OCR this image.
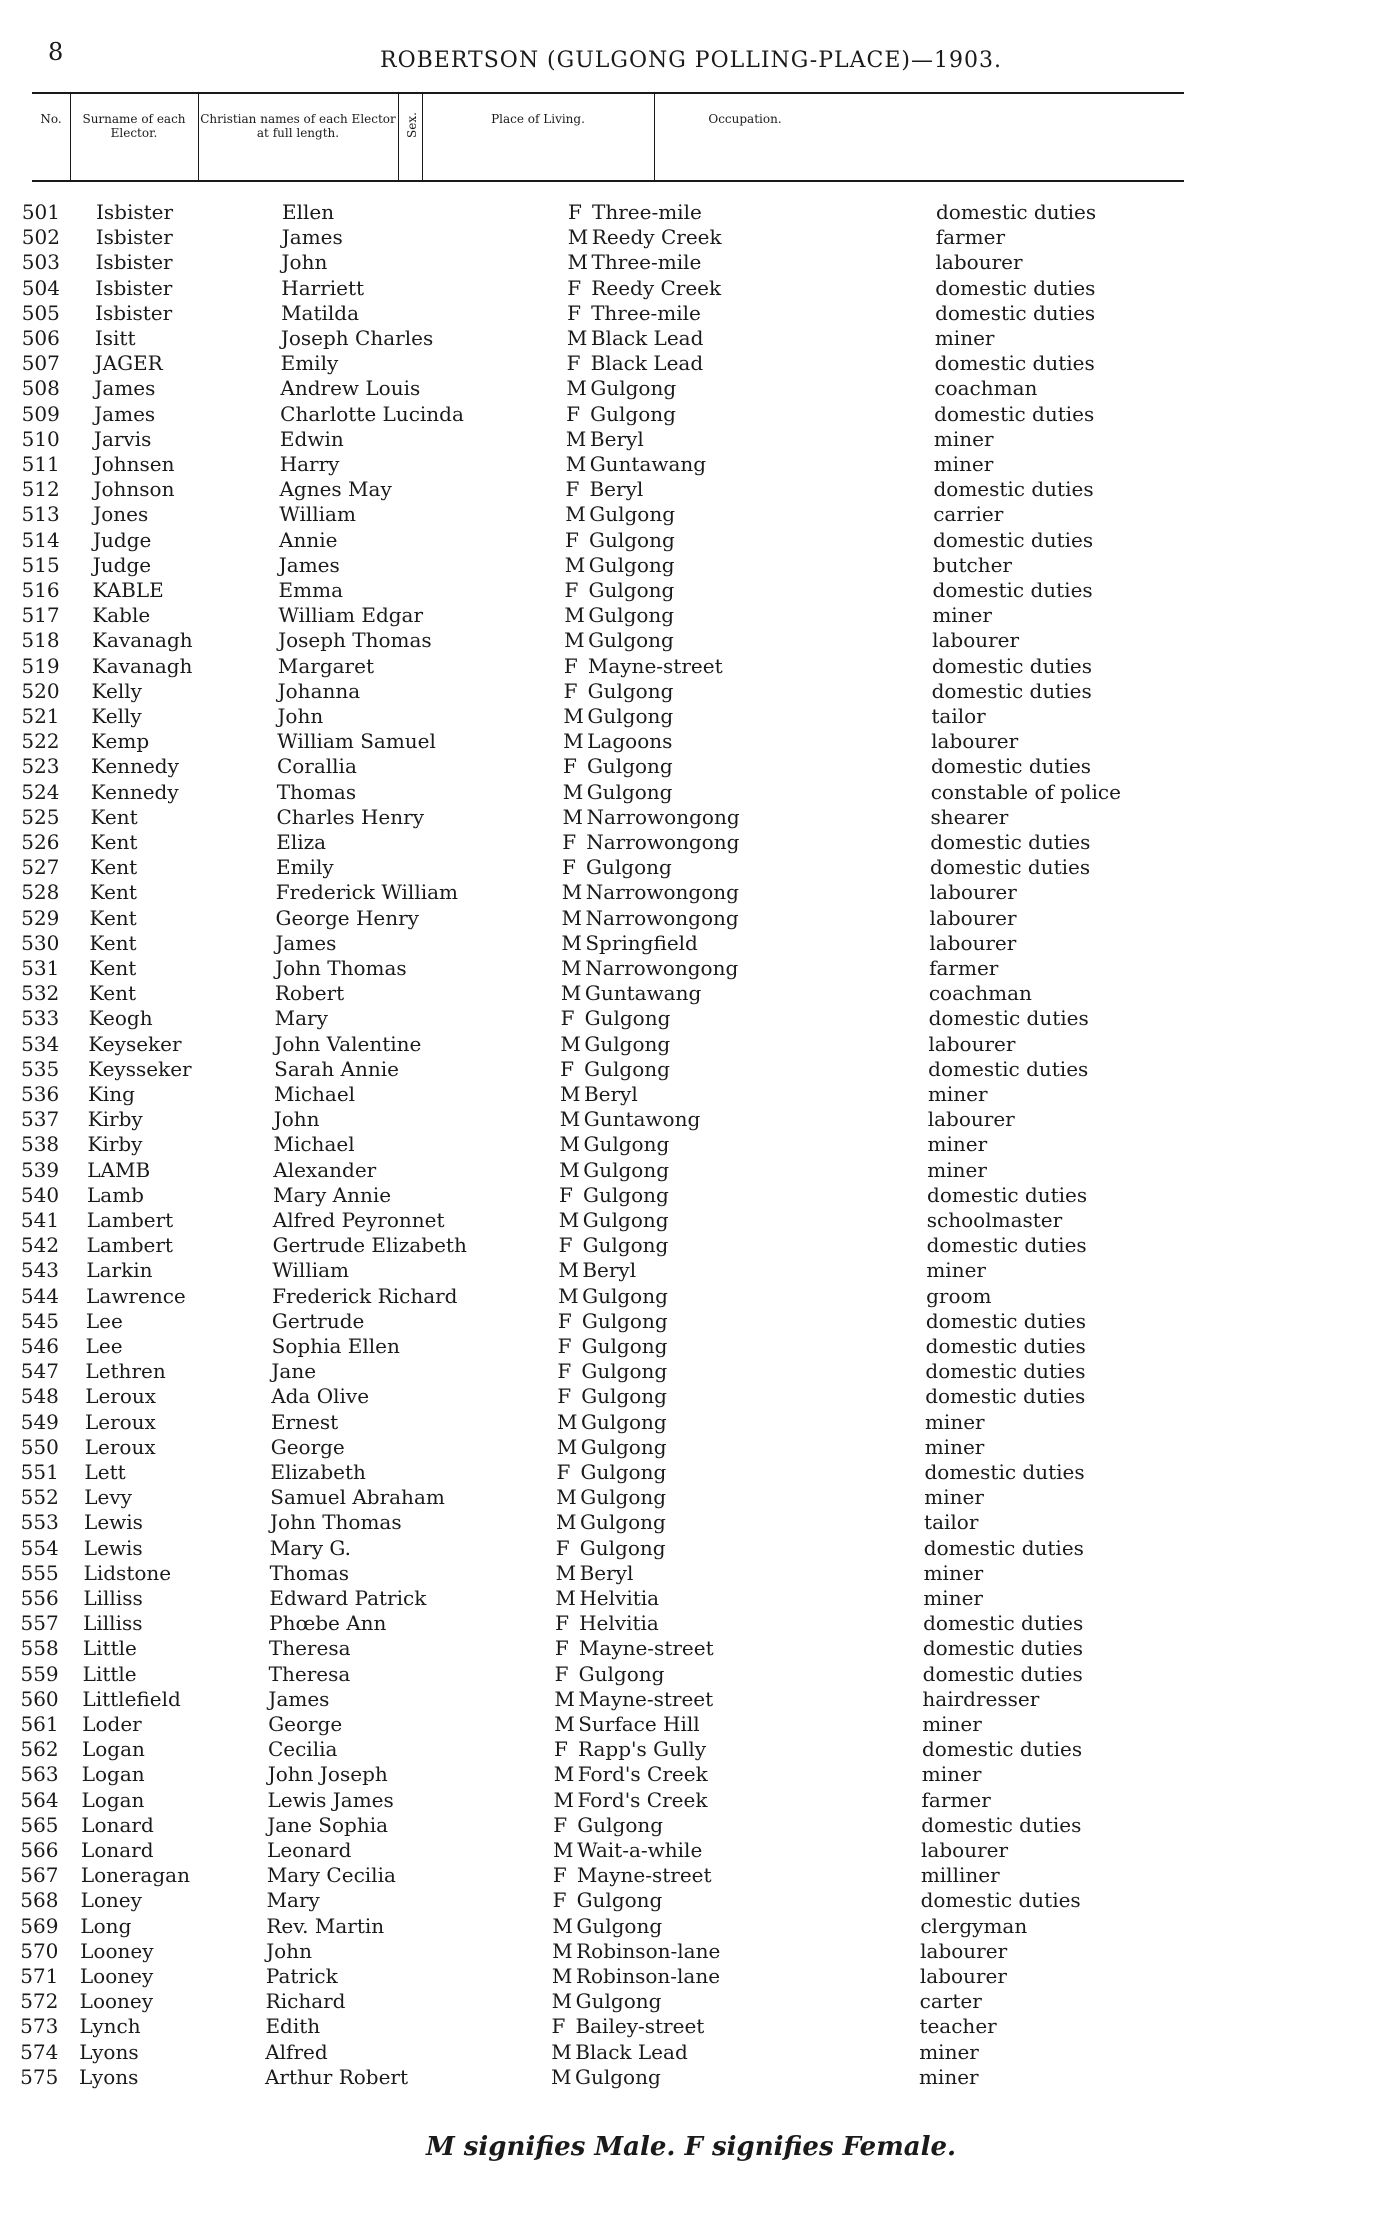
8	ROBERTSON (GULGONG POLLING-PLACE)—1903.
No.	Surname of each Elector.
Christian names of each Elector at full length.	Sex.	Place of Living.	Occupation.
501 Isbister	Ellen	F Three-mile	domestic duties
502 Isbister	James	M Reedy Creek	farmer
503 Isbister	John	M Three-mile	labourer
504 Isbister	Harriett	F Reedy Creek	domestic duties
505 Isbister	Matilda	F Three-mile	domestic duties
506 Isitt	Joseph Charles	M Black Lead	miner
507 JAGER	Emily	F Black Lead	domestic duties
508 James	Andrew Louis	M Gulgong	coachman
509 James	Charlotte Lucinda	F Gulgong	domestic duties
510 Jarvis	Edwin	M Beryl	miner
511 Johnsen	Harry	M Guntawang	miner
512 Johnson	Agnes May	F Beryl	domestic duties
513 Jones	William	M Gulgong	carrier
514 Judge	Annie	F Gulgong	domestic duties
515 Judge	James	M Gulgong	butcher
516 KABLE	Emma	F Gulgong	domestic duties
517 Kable	William Edgar	M Gulgong	miner
518 Kavanagh	Joseph Thomas	M Gulgong	labourer
519 Kavanagh	Margaret	F Mayne-street	domestic duties
520 Kelly	Johanna	F Gulgong	domestic duties
521 Kelly	John	M Gulgong	tailor
522 Kemp	William Samuel	M Lagoons	labourer
523 Kennedy	Corallia	F Gulgong	domestic duties
524 Kennedy	Thomas	M Gulgong	constable of police
525 Kent	Charles Henry	M Narrowongong	shearer
526 Kent	Eliza	F Narrowongong	domestic duties
527 Kent	Emily	F Gulgong	domestic duties
528 Kent	Frederick William	M Narrowongong	labourer
529 Kent	George Henry	M Narrowongong	labourer
530 Kent	James	M Springfield	labourer
531 Kent	John Thomas	M Narrowongong	farmer
532 Kent	Robert	M Guntawang	coachman
533 Keogh	Mary	F Gulgong	domestic duties
534 Keyseker	John Valentine	M Gulgong	labourer
535 Keysseker	Sarah Annie	F Gulgong	domestic duties
536 King	Michael	M Beryl	miner
537 Kirby	John	M Guntawong	labourer
538 Kirby	Michael	M Gulgong	miner
539 LAMB	Alexander	M Gulgong	miner
540 Lamb	Mary Annie	F Gulgong	domestic duties
541 Lambert	Alfred Peyronnet	M Gulgong	schoolmaster
542 Lambert	Gertrude Elizabeth	F Gulgong	domestic duties
543 Larkin	William	M Beryl	miner
544 Lawrence	Frederick Richard	M Gulgong	groom
545 Lee	Gertrude	F Gulgong	domestic duties
546 Lee	Sophia Ellen	F Gulgong	domestic duties
547 Lethren	Jane	F Gulgong	domestic duties
548 Leroux	Ada Olive	F Gulgong	domestic duties
549 Leroux	Ernest	M Gulgong	miner
550 Leroux	George	M Gulgong	miner
551 Lett	Elizabeth	F Gulgong	domestic duties
552 Levy	Samuel Abraham	M Gulgong	miner
553 Lewis	John Thomas	M Gulgong	tailor
554 Lewis	Mary G.	F Gulgong	domestic duties
555 Lidstone	Thomas	M Beryl	miner
556 Lilliss	Edward Patrick	M Helvitia	miner
557 Lilliss	Phœbe Ann	F Helvitia	domestic duties
558 Little	Theresa	F Mayne-street	domestic duties
559 Little	Theresa	F Gulgong	domestic duties
560 Littlefield	James	M Mayne-street	hairdresser
561 Loder	George	M Surface Hill	miner
562 Logan	Cecilia	F Rapp's Gully	domestic duties
563 Logan	John Joseph	M Ford's Creek	miner
564 Logan	Lewis James	M Ford's Creek	farmer
565 Lonard	Jane Sophia	F Gulgong	domestic duties
566 Lonard	Leonard	M Wait-a-while	labourer
567 Loneragan	Mary Cecilia	F Mayne-street	milliner
568 Loney	Mary	F Gulgong	domestic duties
569 Long	Rev. Martin	M Gulgong	clergyman
570 Looney	John	M Robinson-lane	labourer
571 Looney	Patrick	M Robinson-lane	labourer
572 Looney	Richard	M Gulgong	carter
573 Lynch	Edith	F Bailey-street	teacher
574 Lyons	Alfred	M Black Lead	miner
575 Lyons	Arthur Robert	M Gulgong	miner
M signifies Male. F signifies Female.
